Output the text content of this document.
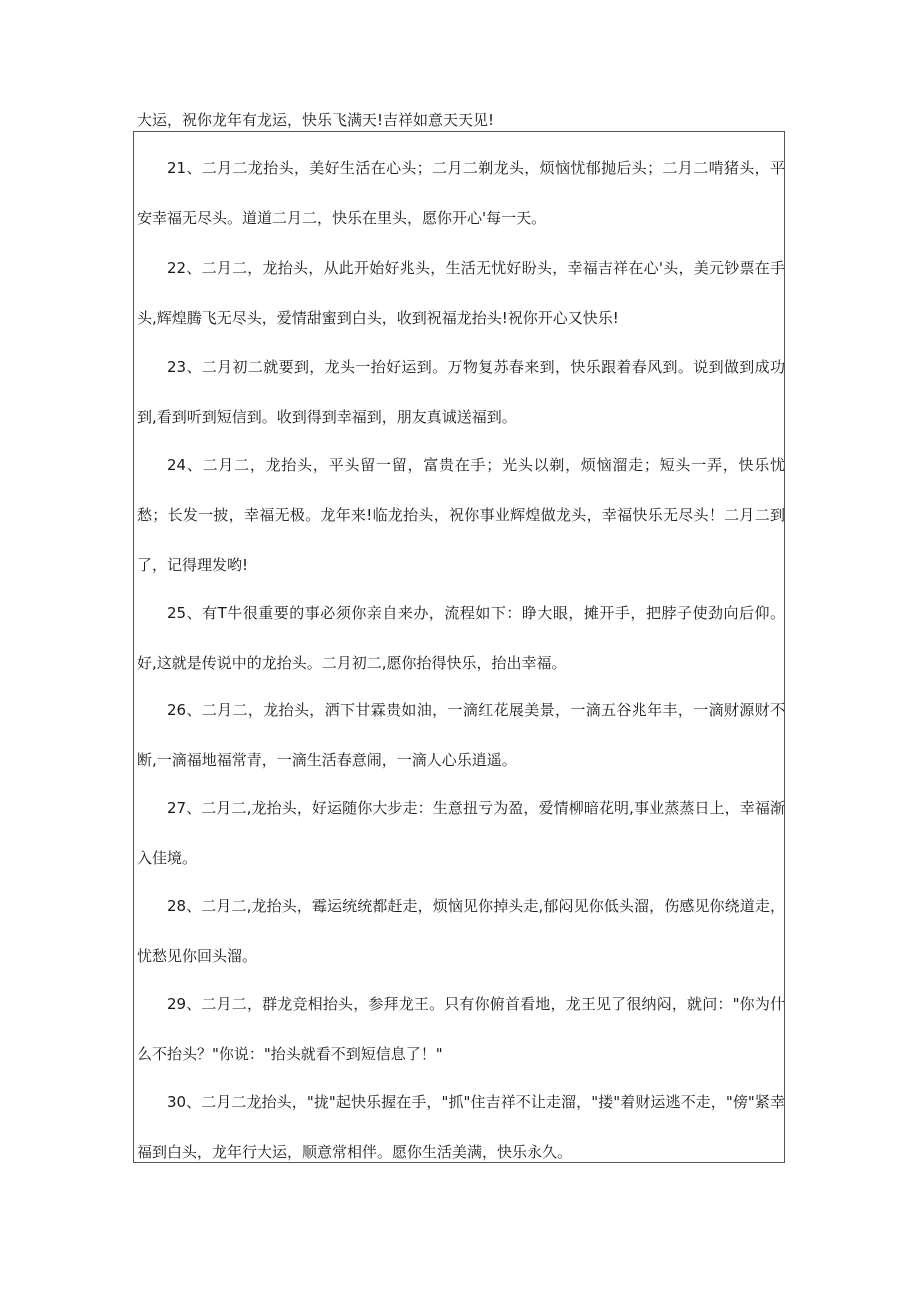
大运，祝你龙年有龙运，快乐飞满天!吉祥如意天天见!

21、二月二龙抬头，美好生活在心头；二月二剃龙头，烦恼忧郁抛后头；二月二啃猪头，平安幸福无尽头。道道二月二，快乐在里头，愿你开心'每一天。

22、二月二，龙抬头，从此开始好兆头，生活无忧好盼头，幸福吉祥在心'头，美元钞票在手头,辉煌腾飞无尽头，爱情甜蜜到白头，收到祝福龙抬头!祝你开心又快乐!

23、二月初二就要到，龙头一抬好运到。万物复苏春来到，快乐跟着春风到。说到做到成功到,看到听到短信到。收到得到幸福到，朋友真诚送福到。

24、二月二，龙抬头，平头留一留，富贵在手；光头以剃，烦恼溜走；短头一弄，快乐忧愁；长发一披，幸福无极。龙年来!临龙抬头，祝你事业辉煌做龙头，幸福快乐无尽头！二月二到了，记得理发哟!

25、有T牛很重要的事必须你亲自来办，流程如下：睁大眼，摊开手，把脖子使劲向后仰。好,这就是传说中的龙抬头。二月初二,愿你抬得快乐，抬出幸福。

26、二月二，龙抬头，洒下甘霖贵如油，一滴红花展美景，一滴五谷兆年丰，一滴财源财不断,一滴福地福常青，一滴生活春意闹，一滴人心乐逍遥。

27、二月二,龙抬头，好运随你大步走：生意扭亏为盈，爱情柳暗花明,事业蒸蒸日上，幸福渐入佳境。

28、二月二,龙抬头，霉运统统都赶走，烦恼见你掉头走,郁闷见你低头溜，伤感见你绕道走，忧愁见你回头溜。

29、二月二，群龙竞相抬头，参拜龙王。只有你俯首看地，龙王见了很纳闷，就问："你为什么不抬头？"你说："抬头就看不到短信息了！"

30、二月二龙抬头，"拢"起快乐握在手，"抓"住吉祥不让走溜，"搂"着财运逃不走，"傍"紧幸福到白头，龙年行大运，顺意常相伴。愿你生活美满，快乐永久。
